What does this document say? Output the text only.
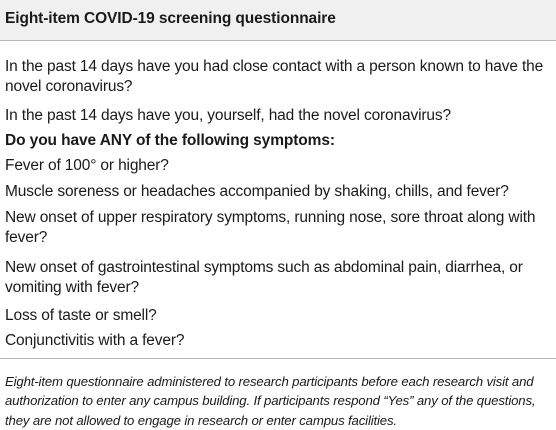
Eight-item COVID-19 screening questionnaire
In the past 14 days have you had close contact with a person known to have the
novel coronavirus?
In the past 14 days have you, yourself, had the novel coronavirus?
Do you have ANY of the following symptoms:
Fever of 100° or higher?
Muscle soreness or headaches accompanied by shaking, chills, and fever?
New onset of upper respiratory symptoms, running nose, sore throat along with
fever?
New onset of gastrointestinal symptoms such as abdominal pain, diarrhea, or
vomiting with fever?
Loss of taste or smell?
Conjunctivitis with a fever?
Eight-item questionnaire administered to research participants before each research visit and authorization to enter any campus building. If participants respond “Yes” any of the questions, they are not allowed to engage in research or enter campus facilities.
